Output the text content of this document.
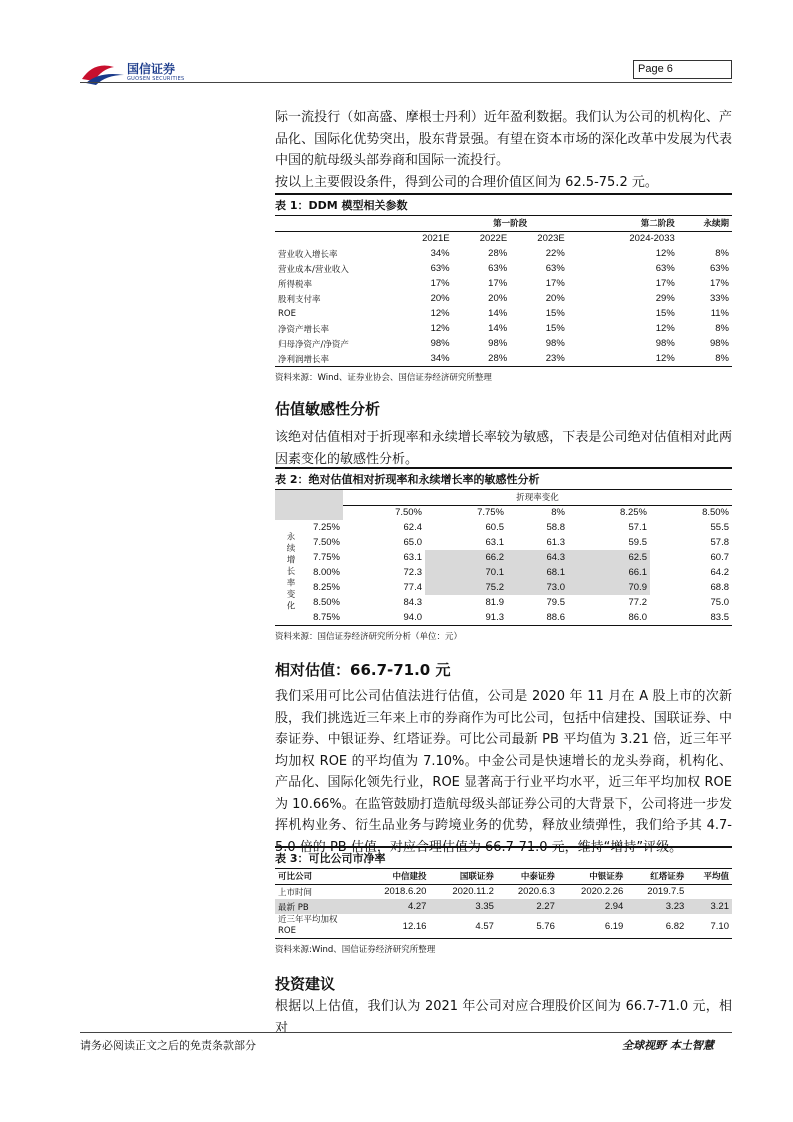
国信证券
GUOSEN SECURITIES
Page 6
际一流投行（如高盛、摩根士丹利）近年盈利数据。我们认为公司的机构化、产品化、国际化优势突出，股东背景强。有望在资本市场的深化改革中发展为代表中国的航母级头部券商和国际一流投行。
按以上主要假设条件，得到公司的合理价值区间为 62.5-75.2 元。
表 1：DDM 模型相关参数
		第一阶段		第二阶段	永续期
	2021E	2022E	2023E	2024-2033	
营业收入增长率	34%	28%	22%	12%	8%
营业成本/营业收入	63%	63%	63%	63%	63%
所得税率	17%	17%	17%	17%	17%
股利支付率	20%	20%	20%	29%	33%
ROE	12%	14%	15%	15%	11%
净资产增长率	12%	14%	15%	12%	8%
归母净资产/净资产	98%	98%	98%	98%	98%
净利润增长率	34%	28%	23%	12%	8%
资料来源：Wind、证券业协会、国信证券经济研究所整理
估值敏感性分析
该绝对估值相对于折现率和永续增长率较为敏感，下表是公司绝对估值相对此两因素变化的敏感性分析。
表 2：绝对估值相对折现率和永续增长率的敏感性分析
		折现率变化				
		7.50%	7.75%	8%	8.25%	8.50%
永续增长率变化	7.25%	62.4	60.5	58.8	57.1	55.5
	7.50%	65.0	63.1	61.3	59.5	57.8
	7.75%	63.1	66.2	64.3	62.5	60.7
	8.00%	72.3	70.1	68.1	66.1	64.2
	8.25%	77.4	75.2	73.0	70.9	68.8
	8.50%	84.3	81.9	79.5	77.2	75.0
	8.75%	94.0	91.3	88.6	86.0	83.5
资料来源：国信证券经济研究所分析（单位：元）
相对估值：66.7-71.0 元
我们采用可比公司估值法进行估值，公司是 2020 年 11 月在 A 股上市的次新股，我们挑选近三年来上市的券商作为可比公司，包括中信建投、国联证券、中泰证券、中银证券、红塔证券。可比公司最新 PB 平均值为 3.21 倍，近三年平均加权 ROE 的平均值为 7.10%。中金公司是快速增长的龙头券商，机构化、产品化、国际化领先行业，ROE 显著高于行业平均水平，近三年平均加权 ROE 为 10.66%。在监管鼓励打造航母级头部证券公司的大背景下，公司将进一步发挥机构业务、衍生品业务与跨境业务的优势，释放业绩弹性，我们给予其 4.7-5.0 倍的 PB 估值，对应合理估值为 66.7-71.0 元，维持“增持”评级。
表 3：可比公司市净率
可比公司	中信建投	国联证券	中泰证券	中银证券	红塔证券	平均值
上市时间	2018.6.20	2020.11.2	2020.6.3	2020.2.26	2019.7.5	
最新 PB	4.27	3.35	2.27	2.94	3.23	3.21
近三年平均加权 ROE	12.16	4.57	5.76	6.19	6.82	7.10
资料来源:Wind、国信证券经济研究所整理
投资建议
根据以上估值，我们认为 2021 年公司对应合理股价区间为 66.7-71.0 元，相对
请务必阅读正文之后的免责条款部分	全球视野 本土智慧
